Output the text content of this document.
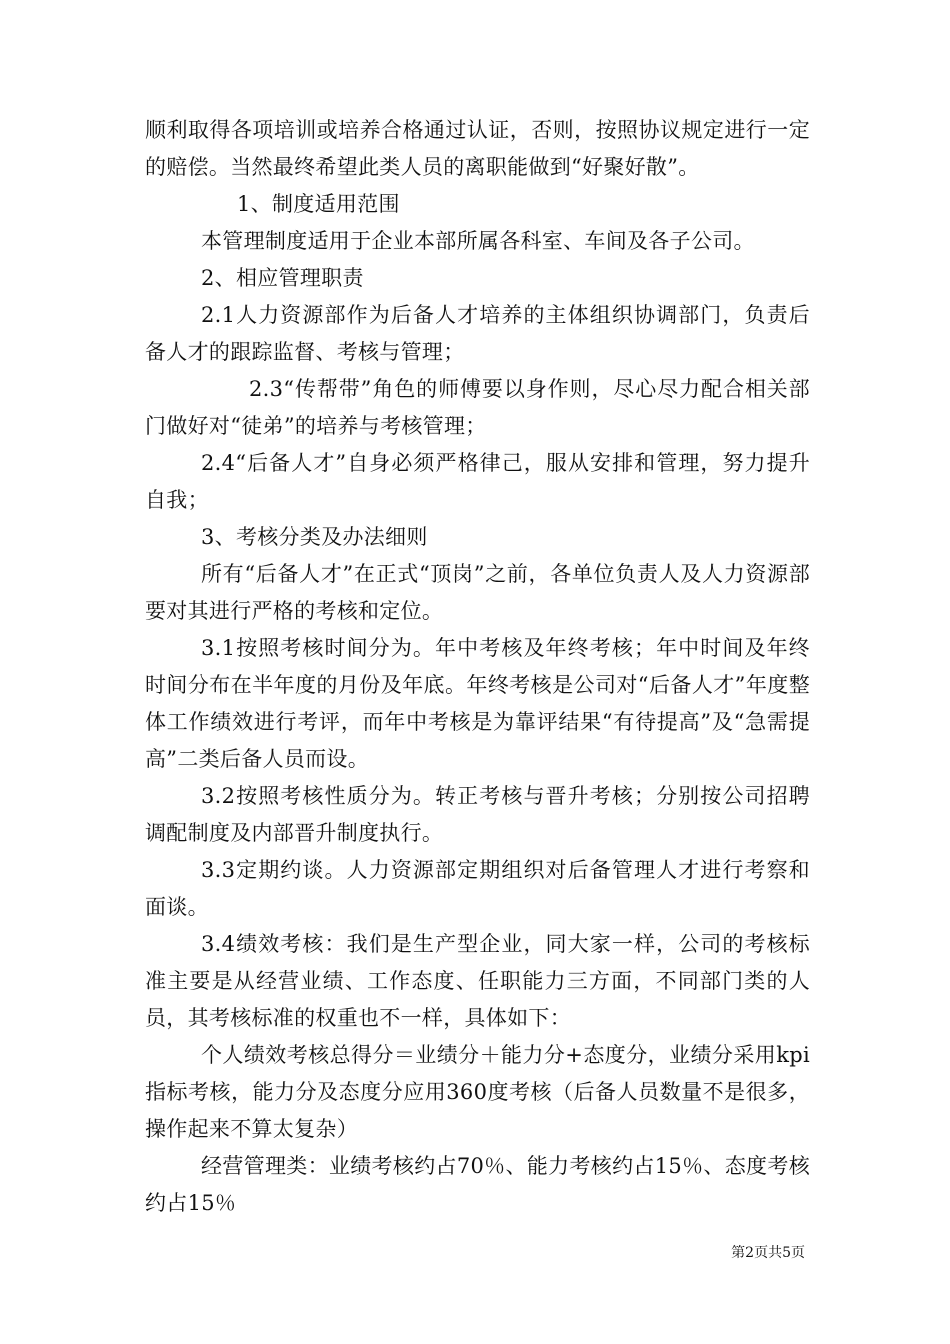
顺利取得各项培训或培养合格通过认证，否则，按照协议规定进行一定的赔偿。当然最终希望此类人员的离职能做到“好聚好散”。

1、制度适用范围

本管理制度适用于企业本部所属各科室、车间及各子公司。

2、相应管理职责

2.1人力资源部作为后备人才培养的主体组织协调部门，负责后备人才的跟踪监督、考核与管理；

2.3“传帮带”角色的师傅要以身作则，尽心尽力配合相关部门做好对“徒弟”的培养与考核管理；

2.4“后备人才”自身必须严格律己，服从安排和管理，努力提升自我；

3、考核分类及办法细则

所有“后备人才”在正式“顶岗”之前，各单位负责人及人力资源部要对其进行严格的考核和定位。

3.1按照考核时间分为。年中考核及年终考核；年中时间及年终时间分布在半年度的月份及年底。年终考核是公司对“后备人才”年度整体工作绩效进行考评，而年中考核是为靠评结果“有待提高”及“急需提高”二类后备人员而设。

3.2按照考核性质分为。转正考核与晋升考核；分别按公司招聘调配制度及内部晋升制度执行。

3.3定期约谈。人力资源部定期组织对后备管理人才进行考察和面谈。

3.4绩效考核：我们是生产型企业，同大家一样，公司的考核标准主要是从经营业绩、工作态度、任职能力三方面，不同部门类的人员，其考核标准的权重也不一样，具体如下：

个人绩效考核总得分＝业绩分＋能力分+态度分，业绩分采用kpi指标考核，能力分及态度分应用360度考核（后备人员数量不是很多，操作起来不算太复杂）

经营管理类：业绩考核约占70％、能力考核约占15％、态度考核约占15％

第2页共5页
